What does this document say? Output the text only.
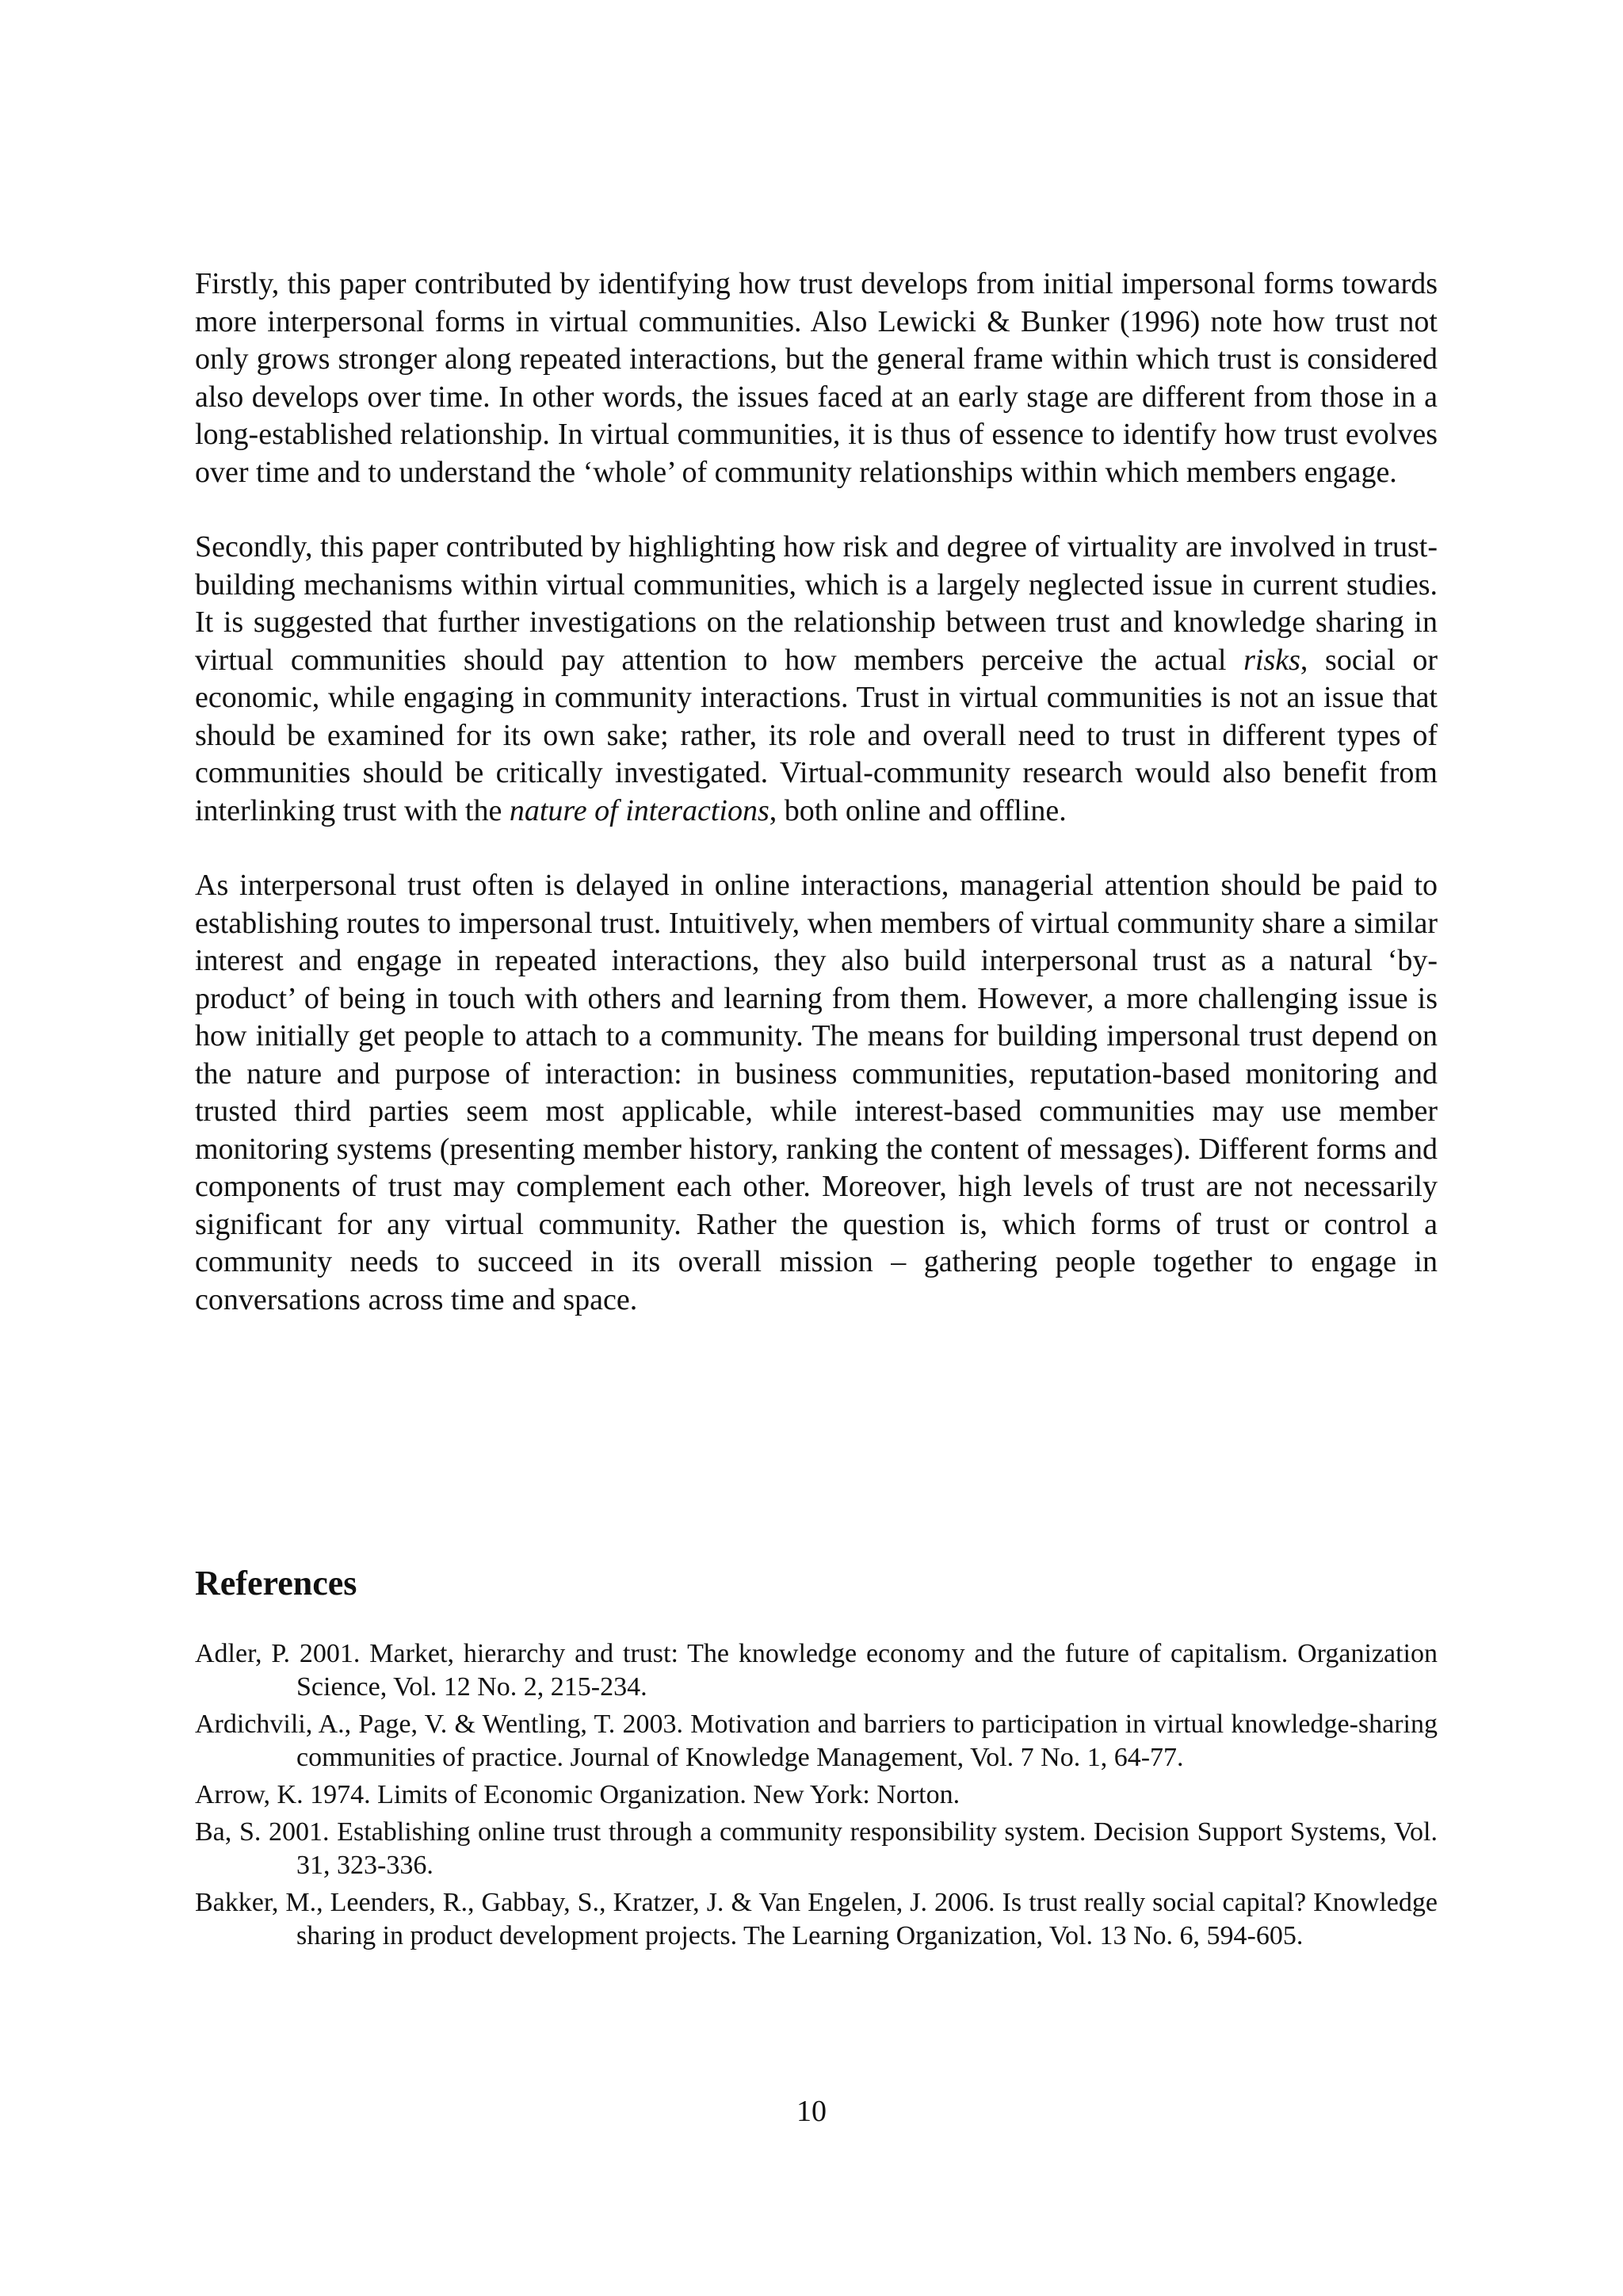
Firstly, this paper contributed by identifying how trust develops from initial impersonal forms towards more interpersonal forms in virtual communities. Also Lewicki & Bunker (1996) note how trust not only grows stronger along repeated interactions, but the general frame within which trust is considered also develops over time. In other words, the issues faced at an early stage are different from those in a long-established relationship. In virtual communities, it is thus of essence to identify how trust evolves over time and to understand the ‘whole’ of community relationships within which members engage.

Secondly, this paper contributed by highlighting how risk and degree of virtuality are involved in trust-building mechanisms within virtual communities, which is a largely neglected issue in current studies. It is suggested that further investigations on the relationship between trust and knowledge sharing in virtual communities should pay attention to how members perceive the actual risks, social or economic, while engaging in community interactions. Trust in virtual communities is not an issue that should be examined for its own sake; rather, its role and overall need to trust in different types of communities should be critically investigated. Virtual-community research would also benefit from interlinking trust with the nature of interactions, both online and offline.

As interpersonal trust often is delayed in online interactions, managerial attention should be paid to establishing routes to impersonal trust. Intuitively, when members of virtual community share a similar interest and engage in repeated interactions, they also build interpersonal trust as a natural ‘by-product’ of being in touch with others and learning from them. However, a more challenging issue is how initially get people to attach to a community. The means for building impersonal trust depend on the nature and purpose of interaction: in business communities, reputation-based monitoring and trusted third parties seem most applicable, while interest-based communities may use member monitoring systems (presenting member history, ranking the content of messages). Different forms and components of trust may complement each other. Moreover, high levels of trust are not necessarily significant for any virtual community. Rather the question is, which forms of trust or control a community needs to succeed in its overall mission – gathering people together to engage in conversations across time and space.

References

Adler, P. 2001. Market, hierarchy and trust: The knowledge economy and the future of capitalism. Organization Science, Vol. 12 No. 2, 215-234.

Ardichvili, A., Page, V. & Wentling, T. 2003. Motivation and barriers to participation in virtual knowledge-sharing communities of practice. Journal of Knowledge Management, Vol. 7 No. 1, 64-77.

Arrow, K. 1974. Limits of Economic Organization. New York: Norton.

Ba, S. 2001. Establishing online trust through a community responsibility system. Decision Support Systems, Vol. 31, 323-336.

Bakker, M., Leenders, R., Gabbay, S., Kratzer, J. & Van Engelen, J. 2006. Is trust really social capital? Knowledge sharing in product development projects. The Learning Organization, Vol. 13 No. 6, 594-605.

10
